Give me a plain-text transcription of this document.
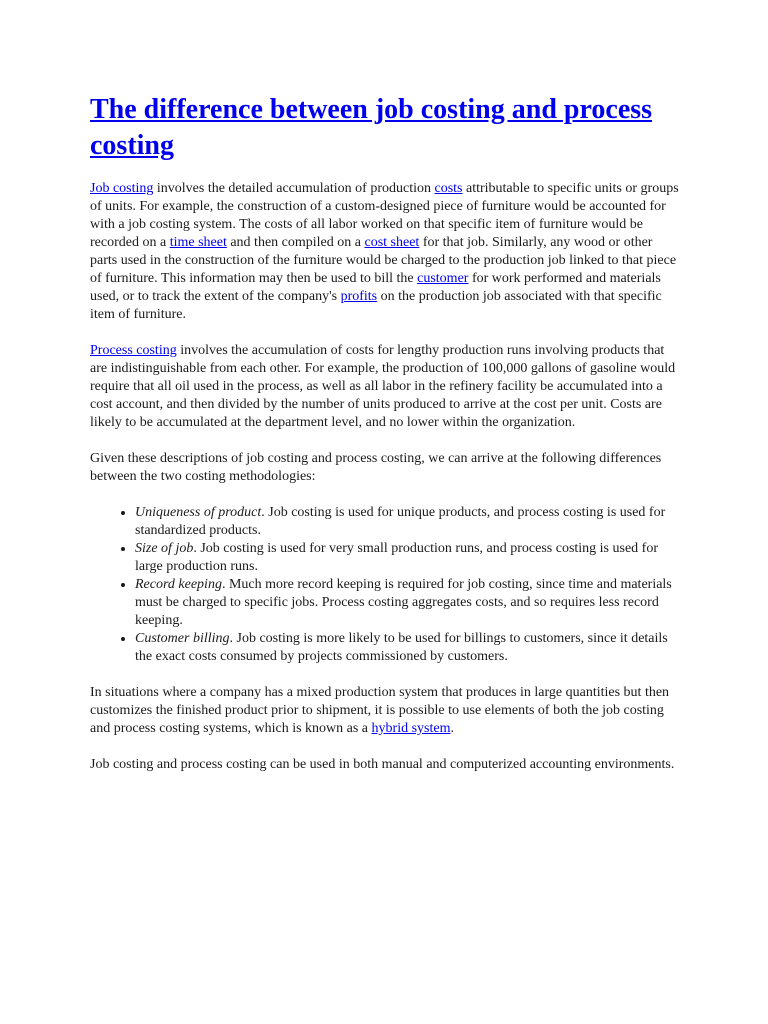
The difference between job costing and process costing

Job costing involves the detailed accumulation of production costs attributable to specific units or groups of units. For example, the construction of a custom-designed piece of furniture would be accounted for with a job costing system. The costs of all labor worked on that specific item of furniture would be recorded on a time sheet and then compiled on a cost sheet for that job. Similarly, any wood or other parts used in the construction of the furniture would be charged to the production job linked to that piece of furniture. This information may then be used to bill the customer for work performed and materials used, or to track the extent of the company's profits on the production job associated with that specific item of furniture.

Process costing involves the accumulation of costs for lengthy production runs involving products that are indistinguishable from each other. For example, the production of 100,000 gallons of gasoline would require that all oil used in the process, as well as all labor in the refinery facility be accumulated into a cost account, and then divided by the number of units produced to arrive at the cost per unit. Costs are likely to be accumulated at the department level, and no lower within the organization.

Given these descriptions of job costing and process costing, we can arrive at the following differences between the two costing methodologies:

• Uniqueness of product. Job costing is used for unique products, and process costing is used for standardized products.
• Size of job. Job costing is used for very small production runs, and process costing is used for large production runs.
• Record keeping. Much more record keeping is required for job costing, since time and materials must be charged to specific jobs. Process costing aggregates costs, and so requires less record keeping.
• Customer billing. Job costing is more likely to be used for billings to customers, since it details the exact costs consumed by projects commissioned by customers.

In situations where a company has a mixed production system that produces in large quantities but then customizes the finished product prior to shipment, it is possible to use elements of both the job costing and process costing systems, which is known as a hybrid system.

Job costing and process costing can be used in both manual and computerized accounting environments.
